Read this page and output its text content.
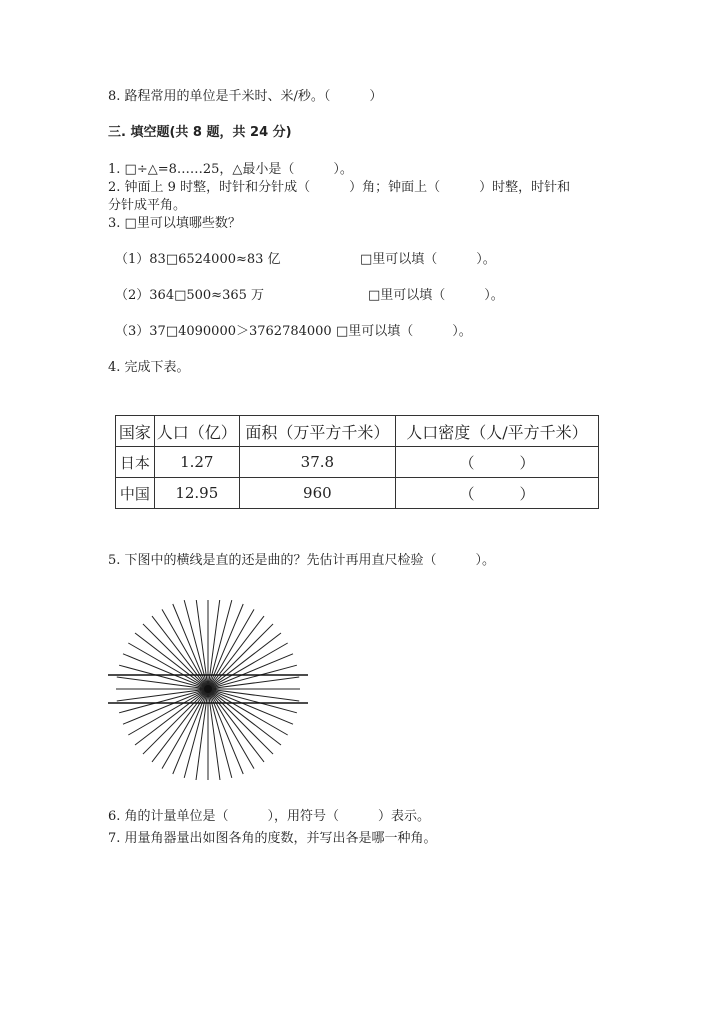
8. 路程常用的单位是千米时、米/秒。（　　　）
三. 填空题(共 8 题，共 24 分)
1. □÷△=8……25，△最小是（　　　）。
2. 钟面上 9 时整，时针和分针成（　　　）角；钟面上（　　　）时整，时针和
分针成平角。
3. □里可以填哪些数？
（1）83□6524000≈83 亿	□里可以填（　　　）。
（2）364□500≈365 万	□里可以填（　　　）。
（3）37□4090000＞3762784000 □里可以填（　　　）。
4. 完成下表。
国家	人口（亿）	面积（万平方千米）	人口密度（人/平方千米）
日本	1.27	37.8	（　　　）
中国	12.95	960	（　　　）
5. 下图中的横线是直的还是曲的？先估计再用直尺检验（　　　）。
6. 角的计量单位是（　　　），用符号（　　　）表示。
7. 用量角器量出如图各角的度数，并写出各是哪一种角。
